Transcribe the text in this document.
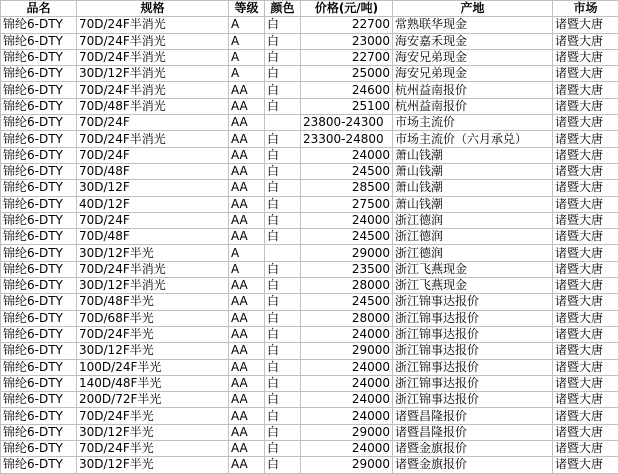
品名	规格	等级	颜色	价格(元/吨)	产地	市场
锦纶6-DTY	70D/24F半消光	A	白	22700	常熟联华现金	诸暨大唐
锦纶6-DTY	70D/24F半消光	A	白	23000	海安嘉禾现金	诸暨大唐
锦纶6-DTY	70D/24F半消光	A	白	22700	海安兄弟现金	诸暨大唐
锦纶6-DTY	30D/12F半消光	A	白	25000	海安兄弟现金	诸暨大唐
锦纶6-DTY	70D/24F半消光	AA	白	24600	杭州益南报价	诸暨大唐
锦纶6-DTY	70D/48F半消光	AA	白	25100	杭州益南报价	诸暨大唐
锦纶6-DTY	70D/24F	AA		23800-24300	市场主流价	诸暨大唐
锦纶6-DTY	70D/24F半消光	AA	白	23300-24800	市场主流价（六月承兑）	诸暨大唐
锦纶6-DTY	70D/24F	AA	白	24000	萧山钱潮	诸暨大唐
锦纶6-DTY	70D/48F	AA	白	24500	萧山钱潮	诸暨大唐
锦纶6-DTY	30D/12F	AA	白	28500	萧山钱潮	诸暨大唐
锦纶6-DTY	40D/12F	AA	白	27500	萧山钱潮	诸暨大唐
锦纶6-DTY	70D/24F	AA	白	24000	浙江德润	诸暨大唐
锦纶6-DTY	70D/48F	AA	白	24500	浙江德润	诸暨大唐
锦纶6-DTY	30D/12F半光	A		29000	浙江德润	诸暨大唐
锦纶6-DTY	70D/24F半消光	A	白	23500	浙江飞燕现金	诸暨大唐
锦纶6-DTY	30D/12F半消光	AA	白	28000	浙江飞燕现金	诸暨大唐
锦纶6-DTY	70D/48F半光	AA	白	24500	浙江锦事达报价	诸暨大唐
锦纶6-DTY	70D/68F半光	AA	白	28000	浙江锦事达报价	诸暨大唐
锦纶6-DTY	70D/24F半光	AA	白	24000	浙江锦事达报价	诸暨大唐
锦纶6-DTY	30D/12F半光	AA	白	29000	浙江锦事达报价	诸暨大唐
锦纶6-DTY	100D/24F半光	AA	白	24000	浙江锦事达报价	诸暨大唐
锦纶6-DTY	140D/48F半光	AA	白	24000	浙江锦事达报价	诸暨大唐
锦纶6-DTY	200D/72F半光	AA	白	24000	浙江锦事达报价	诸暨大唐
锦纶6-DTY	70D/24F半光	AA	白	24000	诸暨昌隆报价	诸暨大唐
锦纶6-DTY	30D/12F半光	AA	白	29000	诸暨昌隆报价	诸暨大唐
锦纶6-DTY	70D/24F半光	AA	白	24000	诸暨金旗报价	诸暨大唐
锦纶6-DTY	30D/12F半光	AA	白	29000	诸暨金旗报价	诸暨大唐
